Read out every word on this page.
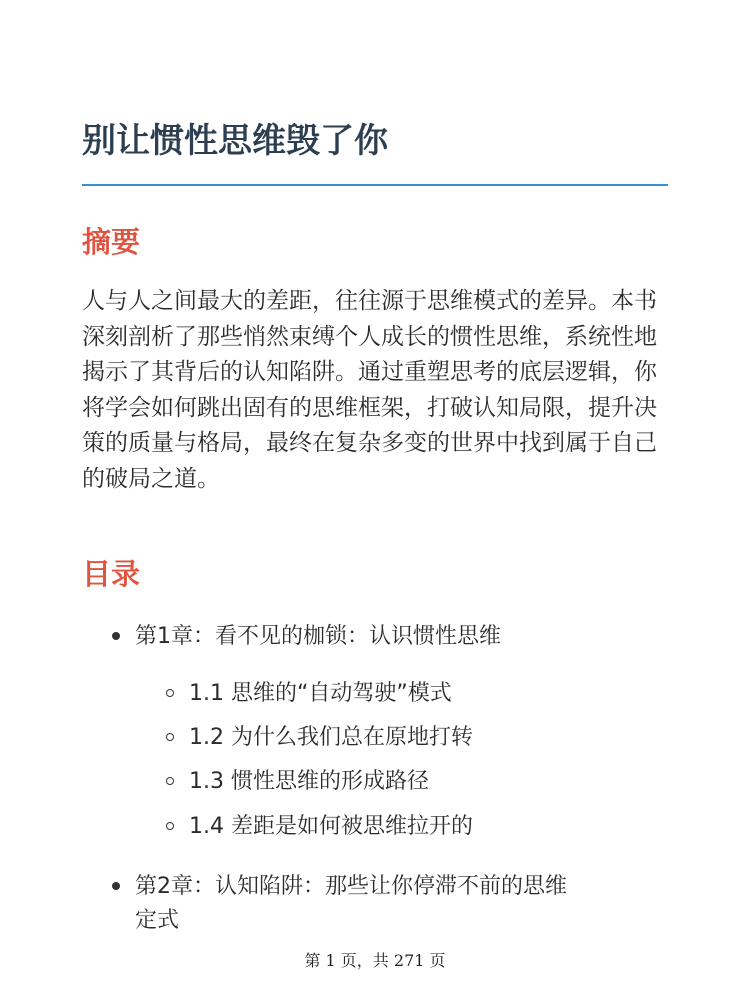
别让惯性思维毁了你
摘要

人与人之间最大的差距，往往源于思维模式的差异。本书深刻剖析了那些悄然束缚个人成长的惯性思维，系统性地揭示了其背后的认知陷阱。通过重塑思考的底层逻辑，你将学会如何跳出固有的思维框架，打破认知局限，提升决策的质量与格局，最终在复杂多变的世界中找到属于自己的破局之道。

目录
第1章：看不见的枷锁：认识惯性思维
1.1 思维的“自动驾驶”模式
1.2 为什么我们总在原地打转
1.3 惯性思维的形成路径
1.4 差距是如何被思维拉开的
第2章：认知陷阱：那些让你停滞不前的思维
定式
第 1 页，共 271 页
